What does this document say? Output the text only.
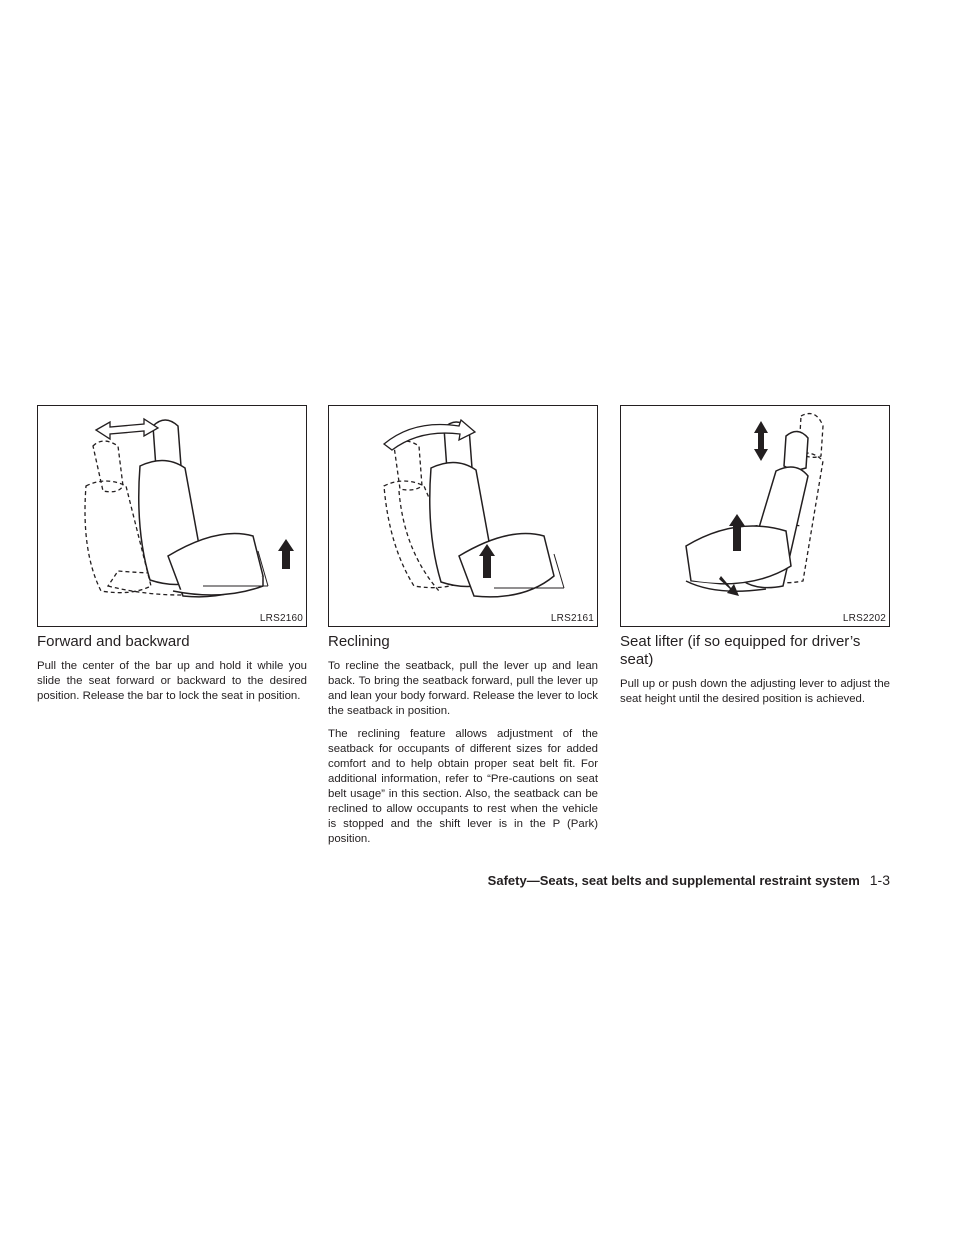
LRS2160
Forward and backward

Pull the center of the bar up and hold it while you slide the seat forward or backward to the desired position. Release the bar to lock the seat in position.

LRS2161
Reclining

To recline the seatback, pull the lever up and lean back. To bring the seatback forward, pull the lever up and lean your body forward. Release the lever to lock the seatback in position.

The reclining feature allows adjustment of the seatback for occupants of different sizes for added comfort and to help obtain proper seat belt fit. For additional information, refer to “Pre-cautions on seat belt usage” in this section. Also, the seatback can be reclined to allow occupants to rest when the vehicle is stopped and the shift lever is in the P (Park) position.

LRS2202
Seat lifter (if so equipped for driver’s seat)

Pull up or push down the adjusting lever to adjust the seat height until the desired position is achieved.

Safety—Seats, seat belts and supplemental restraint system 1-3
